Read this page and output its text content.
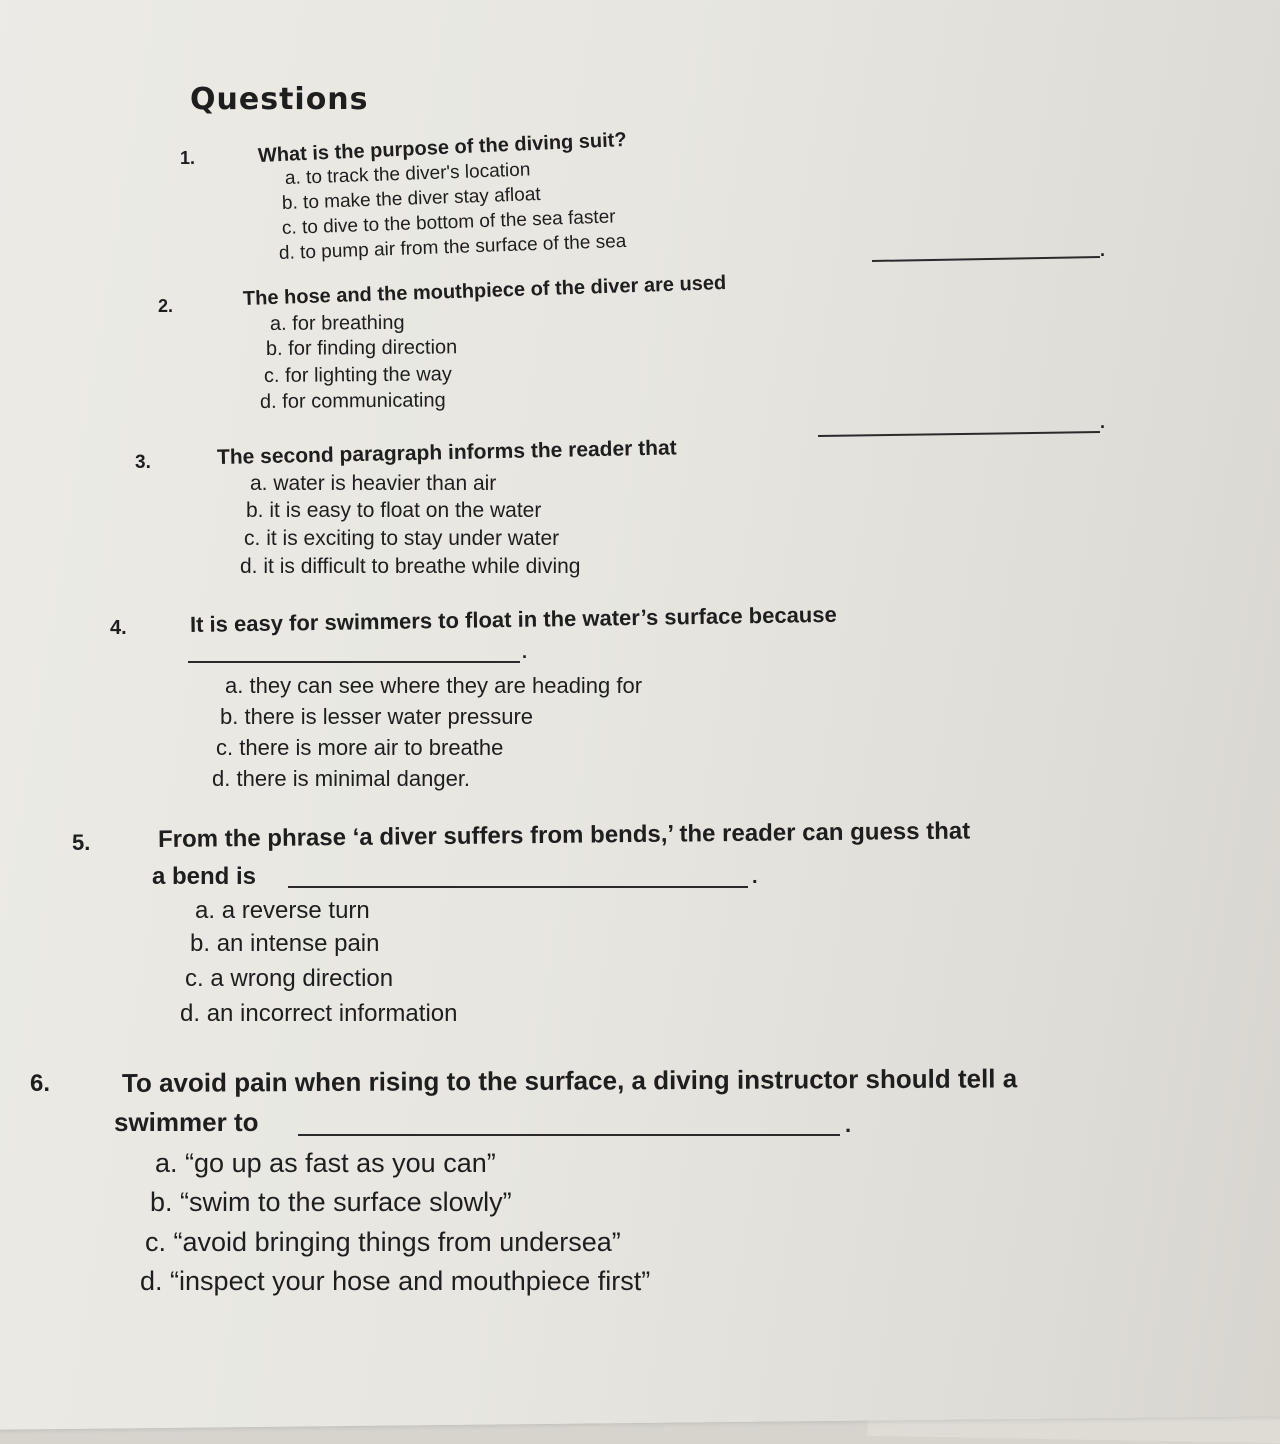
Questions
1.	What is the purpose of the diving suit?
a. to track the diver's location
b. to make the diver stay afloat
c. to dive to the bottom of the sea faster
d. to pump air from the surface of the sea
2.	The hose and the mouthpiece of the diver are used
.
a. for breathing
b. for finding direction
c. for lighting the way
d. for communicating
3.	The second paragraph informs the reader that
.
a. water is heavier than air
b. it is easy to float on the water
c. it is exciting to stay under water
d. it is difficult to breathe while diving
4.	It is easy for swimmers to float in the water’s surface because
.
a. they can see where they are heading for
b. there is lesser water pressure
c. there is more air to breathe
d. there is minimal danger.
5.	From the phrase ‘a diver suffers from bends,’ the reader can guess that
a bend is	.
a. a reverse turn
b. an intense pain
c. a wrong direction
d. an incorrect information
6.	To avoid pain when rising to the surface, a diving instructor should tell a
swimmer to	.
a. “go up as fast as you can”
b. “swim to the surface slowly”
c. “avoid bringing things from undersea”
d. “inspect your hose and mouthpiece first”
